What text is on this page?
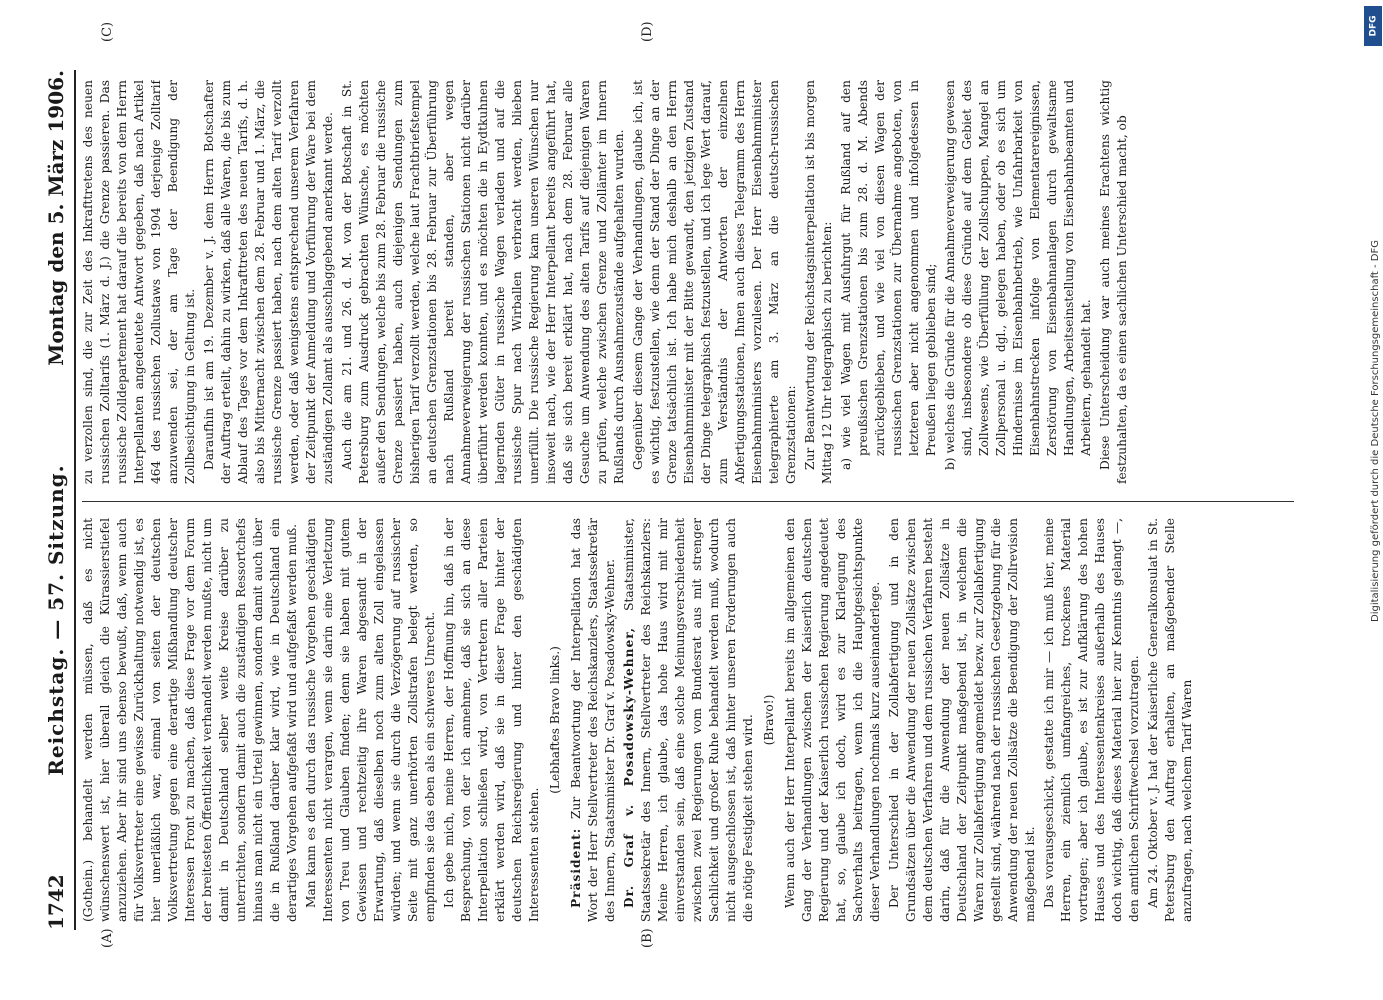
1742
Reichstag. — 57. Sitzung.
Montag den 5. März 1906.
(A)	(B)
(C)	(D)

(Gothein.) behandelt werden müssen, daß es nicht wünschenswert ist, hier überall gleich die Kürassierstiefel anzuziehen. Aber ihr sind uns ebenso bewußt, daß, wenn auch für Volksvertreter eine gewisse Zurückhaltung notwendig ist, es hier unerläßlich war, einmal von seiten der deutschen Volksvertretung gegen eine derartige Mißhandlung deutscher Interessen Front zu machen, daß diese Frage vor dem Forum der breitesten Öffentlichkeit verhandelt werden mußte, nicht um damit in Deutschland selber weite Kreise darüber zu unterrichten, sondern damit auch die zuständigen Ressortchefs hinaus man nicht ein Urteil gewinnen, sondern damit auch über die in Rußland darüber klar wird, wie in Deutschland ein derartiges Vorgehen aufgefaßt wird und aufgefaßt werden muß. Man kann es den durch das russische Vorgehen geschädigten Interessenten nicht verargen, wenn sie darin eine Verletzung von Treu und Glauben finden; denn sie haben mit gutem Gewissen und rechtzeitig ihre Waren abgesandt in der Erwartung, daß dieselben noch zum alten Zoll eingelassen würden; und wenn sie durch die Verzögerung auf russischer Seite mit ganz unerhörten Zollstrafen belegt werden, so empfinden sie das eben als ein schweres Unrecht. Ich gebe mich, meine Herren, der Hoffnung hin, daß in der Besprechung, von der ich annehme, daß sie sich an diese Interpellation schließen wird, von Vertretern aller Parteien erklärt werden wird, daß sie in dieser Frage hinter der deutschen Reichsregierung und hinter den geschädigten Interessenten stehen.

(Lebhaftes Bravo links.)

Präsident: Zur Beantwortung der Interpellation hat das Wort der Herr Stellvertreter des Reichskanzlers, Staatssekretär des Innern, Staatsminister Dr. Graf v. Posadowsky-Wehner. Dr. Graf v. Posadowsky-Wehner, Staatsminister, Staatssekretär des Innern, Stellvertreter des Reichskanzlers: Meine Herren, ich glaube, das hohe Haus wird mit mir einverstanden sein, daß eine solche Meinungsverschiedenheit zwischen zwei Regierungen vom Bundesrat aus mit strenger Sachlichkeit und großer Ruhe behandelt werden muß, wodurch nicht ausgeschlossen ist, daß hinter unseren Forderungen auch die nötige Festigkeit stehen wird. (Bravo!) Wenn auch der Herr Interpellant bereits im allgemeinen den Gang der Verhandlungen zwischen der Kaiserlich deutschen Regierung und der Kaiserlich russischen Regierung angedeutet hat, so, glaube ich doch, wird es zur Klarlegung des Sachverhalts beitragen, wenn ich die Hauptgesichtspunkte dieser Verhandlungen nochmals kurz auseinanderlege. Der Unterschied in der Zollabfertigung und in den Grundsätzen über die Anwendung der neuen Zollsätze zwischen dem deutschen Verfahren und dem russischen Verfahren besteht darin, daß für die Anwendung der neuen Zollsätze in Deutschland der Zeitpunkt maßgebend ist, in welchem die Waren zur Zollabfertigung angemeldet bezw. zur Zollabfertigung gestellt sind, während nach der russischen Gesetzgebung für die Anwendung der neuen Zollsätze die Beendigung der Zollrevision maßgebend ist. Das vorausgeschickt, gestatte ich mir — ich muß hier, meine Herren, ein ziemlich umfangreiches, trockenes Material vortragen; aber ich glaube, es ist zur Aufklärung des hohen Hauses und des Interessentenkreises außerhalb des Hauses doch wichtig, daß dieses Material hier zur Kenntnis gelangt —, den amtlichen Schriftwechsel vorzutragen. Am 24. Oktober v. J. hat der Kaiserliche Generalkonsulat in St. Petersburg den Auftrag erhalten, an maßgebender Stelle anzufragen, nach welchem Tarif Waren

zu verzollen sind, die zur Zeit des Inkrafttretens des neuen russischen Zolltarifs (1. März d. J.) die Grenze passieren. Das russische Zolldepartement hat darauf die bereits von dem Herrn Interpellanten angedeutete Antwort gegeben, daß nach Artikel 464 des russischen Zollustaws von 1904 derjenige Zolltarif anzuwenden sei, der am Tage der Beendigung der Zollbesichtigung in Geltung ist. Daraufhin ist am 19. Dezember v. J. dem Herrn Botschafter der Auftrag erteilt, dahin zu wirken, daß alle Waren, die bis zum Ablauf des Tages vor dem Inkrafttreten des neuen Tarifs, d. h. also bis Mitternacht zwischen dem 28. Februar und 1. März, die russische Grenze passiert haben, nach dem alten Tarif verzollt werden, oder daß wenigstens entsprechend unserem Verfahren der Zeitpunkt der Anmeldung und Vorführung der Ware bei dem zuständigen Zollamt als ausschlaggebend anerkannt werde. Auch die am 21. und 26. d. M. von der Botschaft in St. Petersburg zum Ausdruck gebrachten Wünsche, es möchten außer den Sendungen, welche bis zum 28. Februar die russische Grenze passiert haben, auch diejenigen Sendungen zum bisherigen Tarif verzollt werden, welche laut Frachtbriefstempel an deutschen Grenzstationen bis 28. Februar zur Überführung nach Rußland bereit standen, aber wegen Annahmeverweigerung der russischen Stationen nicht darüber überführt werden konnten, und es möchten die in Eydtkuhnen lagernden Güter in russische Wagen verladen und auf die russische Spur nach Wirballen verbracht werden, blieben unerfüllt. Die russische Regierung kam unseren Wünschen nur insoweit nach, wie der Herr Interpellant bereits angeführt hat, daß sie sich bereit erklärt hat, nach dem 28. Februar alle Gesuche um Anwendung des alten Tarifs auf diejenigen Waren zu prüfen, welche zwischen Grenze und Zollämter im Innern Rußlands durch Ausnahmezustände aufgehalten wurden. Gegenüber diesem Gange der Verhandlungen, glaube ich, ist es wichtig, festzustellen, wie denn der Stand der Dinge an der Grenze tatsächlich ist. Ich habe mich deshalb an den Herrn Eisenbahnminister mit der Bitte gewandt, den jetzigen Zustand der Dinge telegraphisch festzustellen, und ich lege Wert darauf, zum Verständnis der Antworten der einzelnen Abfertigungsstationen, Ihnen auch dieses Telegramm des Herrn Eisenbahnministers vorzulesen. Der Herr Eisenbahnminister telegraphierte am 3. März an die deutsch-russischen Grenzstationen: Zur Beantwortung der Reichstagsinterpellation ist bis morgen Mittag 12 Uhr telegraphisch zu berichten: a) wie viel Wagen mit Ausfuhrgut für Rußland auf den preußischen Grenzstationen bis zum 28. d. M. Abends zurückgeblieben, und wie viel von diesen Wagen der russischen Grenzstationen zur Übernahme angeboten, von letzteren aber nicht angenommen und infolgedessen in Preußen liegen geblieben sind; b) welches die Gründe für die Annahmeverweigerung gewesen sind, insbesondere ob diese Gründe auf dem Gebiet des Zollwesens, wie Überfüllung der Zollschuppen, Mangel an Zollpersonal u. dgl., gelegen haben, oder ob es sich um Hindernisse im Eisenbahnbetrieb, wie Unfahrbarkeit von Eisenbahnstrecken infolge von Elementarereignissen, Zerstörung von Eisenbahnanlagen durch gewaltsame Handlungen, Arbeitseinstellung von Eisenbahnbeamten und Arbeitern, gehandelt hat. Diese Unterscheidung war auch meines Erachtens wichtig festzuhalten, da es einen sachlichen Unterschied macht, ob	Digitalisierung gefördert durch die Deutsche Forschungsgemeinschaft - DFG
DFG
